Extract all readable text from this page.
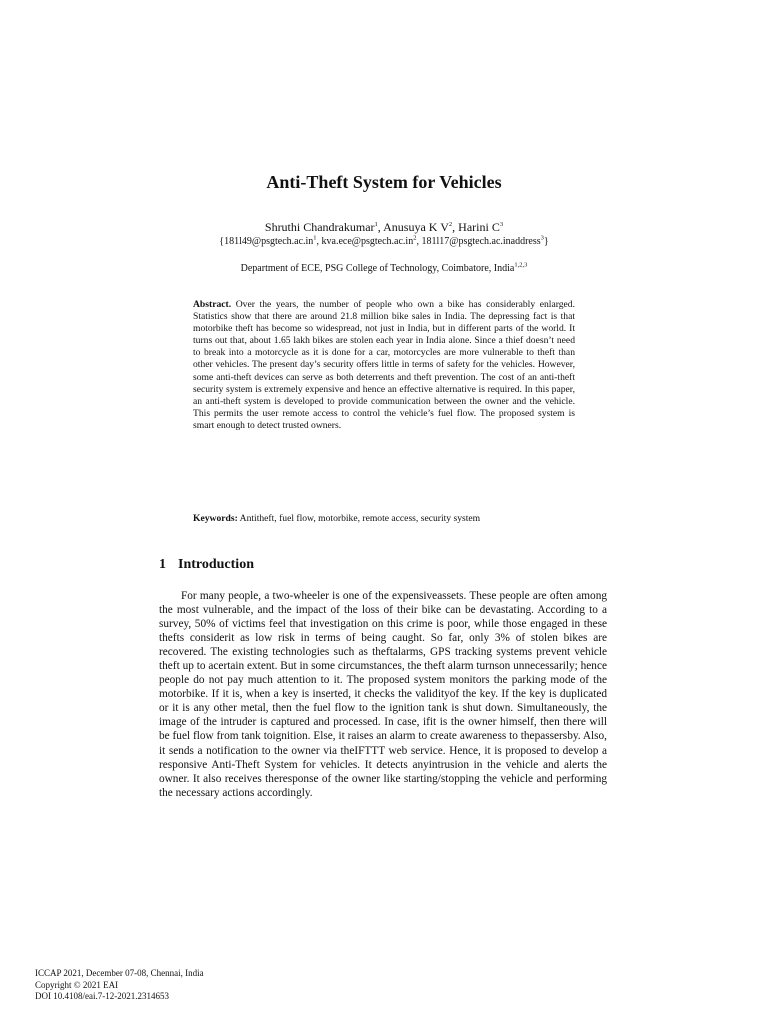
Anti-Theft System for Vehicles
Shruthi Chandrakumar$^1$, Anusuya K $V^2$, Harini $C^3$
{$181l49@psgtech.ac.in^1$, $kva.ece@psgtech.ac.in^2$, 181l17@psgtech.ac.inaddress$^3$}
Department of ECE, PSG College of Technology, Coimbatore, India$^{1,2,3}$
Abstract. Over the years, the number of people who own a bike has considerably enlarged. Statistics show that there are around 21.8 million bike sales in India. The depressing fact is that motorbike theft has become so widespread, not just in India, but in different parts of the world. It turns out that, about 1.65 lakh bikes are stolen each year in India alone. Since a thief doesn’t need to break into a motorcycle as it is done for a car, motorcycles are more vulnerable to theft than other vehicles. The present day’s security offers little in terms of safety for the vehicles. However, some anti-theft devices can serve as both deterrents and theft prevention. The cost of an anti-theft security system is extremely expensive and hence an effective alternative is required. In this paper, an anti-theft system is developed to provide communication between the owner and the vehicle. This permits the user remote access to control the vehicle’s fuel flow. The proposed system is smart enough to detect trusted owners.
Keywords: Antitheft, fuel flow, motorbike, remote access, security system
1 Introduction
For many people, a two-wheeler is one of the expensiveassets. These people are often among the most vulnerable, and the impact of the loss of their bike can be devastating. According to a survey, 50% of victims feel that investigation on this crime is poor, while those engaged in these thefts considerit as low risk in terms of being caught. So far, only 3% of stolen bikes are recovered. The existing technologies such as theftalarms, GPS tracking systems prevent vehicle theft up to acertain extent. But in some circumstances, the theft alarm turnson unnecessarily; hence people do not pay much attention to it. The proposed system monitors the parking mode of the motorbike. If it is, when a key is inserted, it checks the validityof the key. If the key is duplicated or it is any other metal, then the fuel flow to the ignition tank is shut down. Simultaneously, the image of the intruder is captured and processed. In case, ifit is the owner himself, then there will be fuel flow from tank toignition. Else, it raises an alarm to create awareness to thepassersby. Also, it sends a notification to the owner via theIFTTT web service. Hence, it is proposed to develop a responsive Anti-Theft System for vehicles. It detects anyintrusion in the vehicle and alerts the owner. It also receives theresponse of the owner like starting/stopping the vehicle and performing the necessary actions accordingly.
ICCAP 2021, December 07-08, Chennai, India
Copyright © 2021 EAI
DOI 10.4108/eai.7-12-2021.2314653
